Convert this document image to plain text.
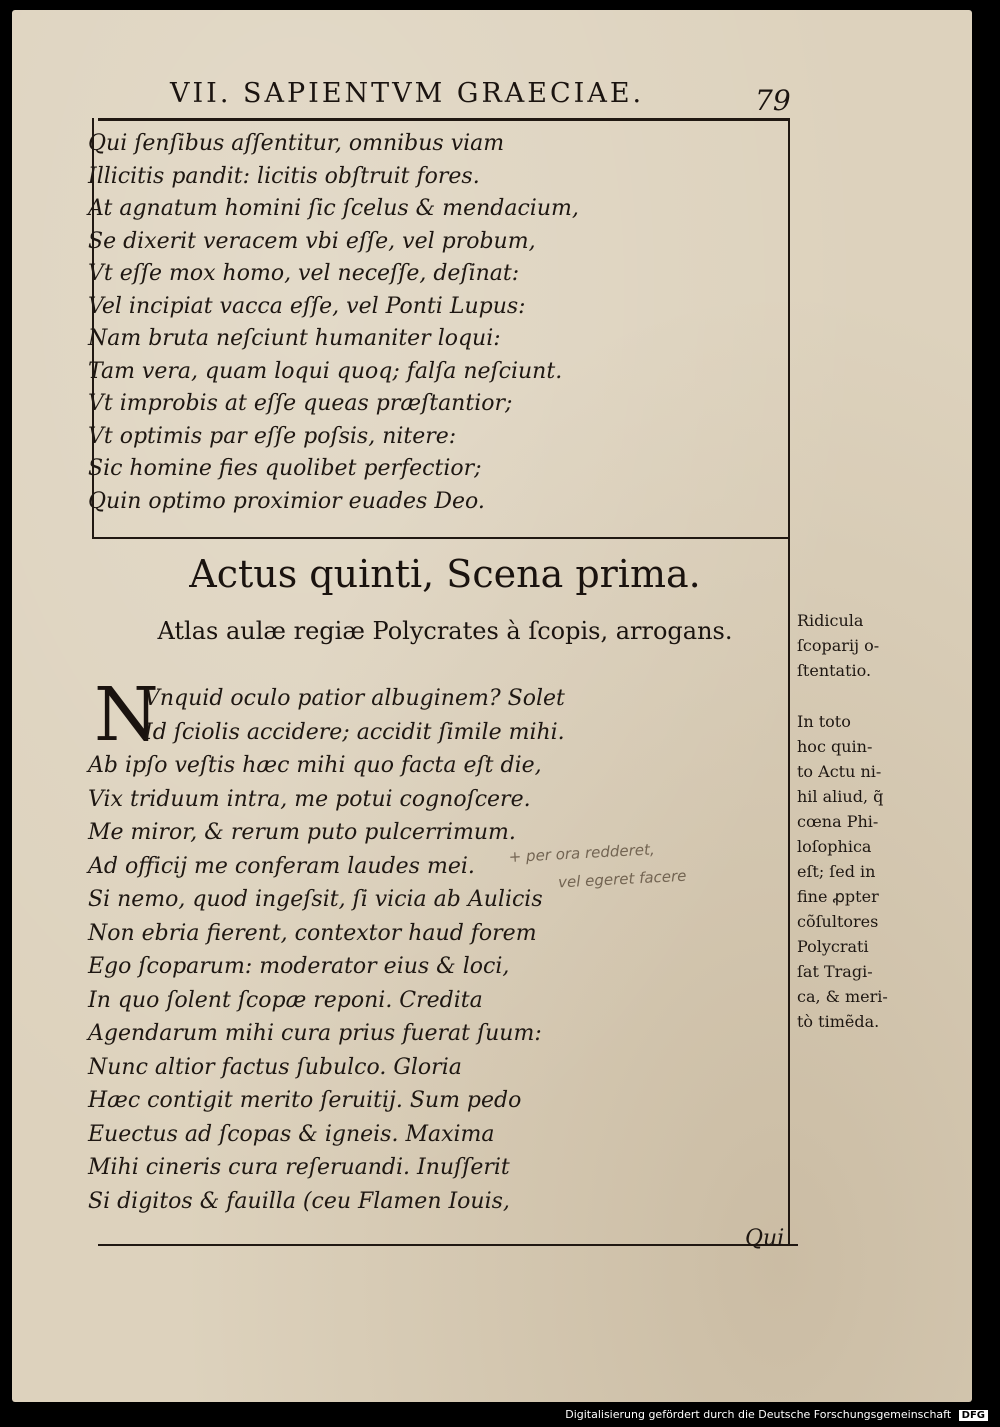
VII. SAPIENTVM GRAECIAE.	79
Qui ſenſibus aſſentitur, omnibus viam
Illicitis pandit: licitis obſtruit fores.
At agnatum homini ſic ſcelus & mendacium,
Se dixerit veracem vbi eſſe, vel probum,
Vt eſſe mox homo, vel neceſſe, deſinat:
Vel incipiat vacca eſſe, vel Ponti Lupus:
Nam bruta neſciunt humaniter loqui:
Tam vera, quam loqui quoq; falſa neſciunt.
Vt improbis at eſſe queas præſtantior;
Vt optimis par eſſe poſsis, nitere:
Sic homine fies quolibet perfectior;
Quin optimo proximior euades Deo.
Actus quinti, Scena prima.
Atlas aulæ regiæ Polycrates à ſcopis, arrogans.
N
Vnquid oculo patior albuginem? Solet
Id ſciolis accidere; accidit ſimile mihi.
Ab ipſo veſtis hæc mihi quo facta eſt die,
Vix triduum intra, me potui cognoſcere.
Me miror, & rerum puto pulcerrimum.
Ad officij me conferam laudes mei.
Si nemo, quod ingeſsit, ſi vicia ab Aulicis
Non ebria fierent, contextor haud forem
Ego ſcoparum: moderator eius & loci,
In quo ſolent ſcopæ reponi. Credita
Agendarum mihi cura prius fuerat ſuum:
Nunc altior factus ſubulco. Gloria
Hæc contigit merito ſeruitij. Sum pedo
Euectus ad ſcopas & igneis. Maxima
Mihi cineris cura reſeruandi. Inuſſerit
Si digitos & fauilla (ceu Flamen Iouis,
+ per ora redderet,
vel egeret facere
Ridicula
ſcoparij o-
ſtentatio.
In toto
hoc quin-
to Actu ni-
hil aliud, q̃
cœna Phi-
loſophica
eſt; ſed in
fine ꝓpter
cõſultores
Polycrati
ſat Tragi-
ca, & meri-
tò timẽda.
Qui
Digitalisierung gefördert durch die Deutsche Forschungsgemeinschaft DFG
